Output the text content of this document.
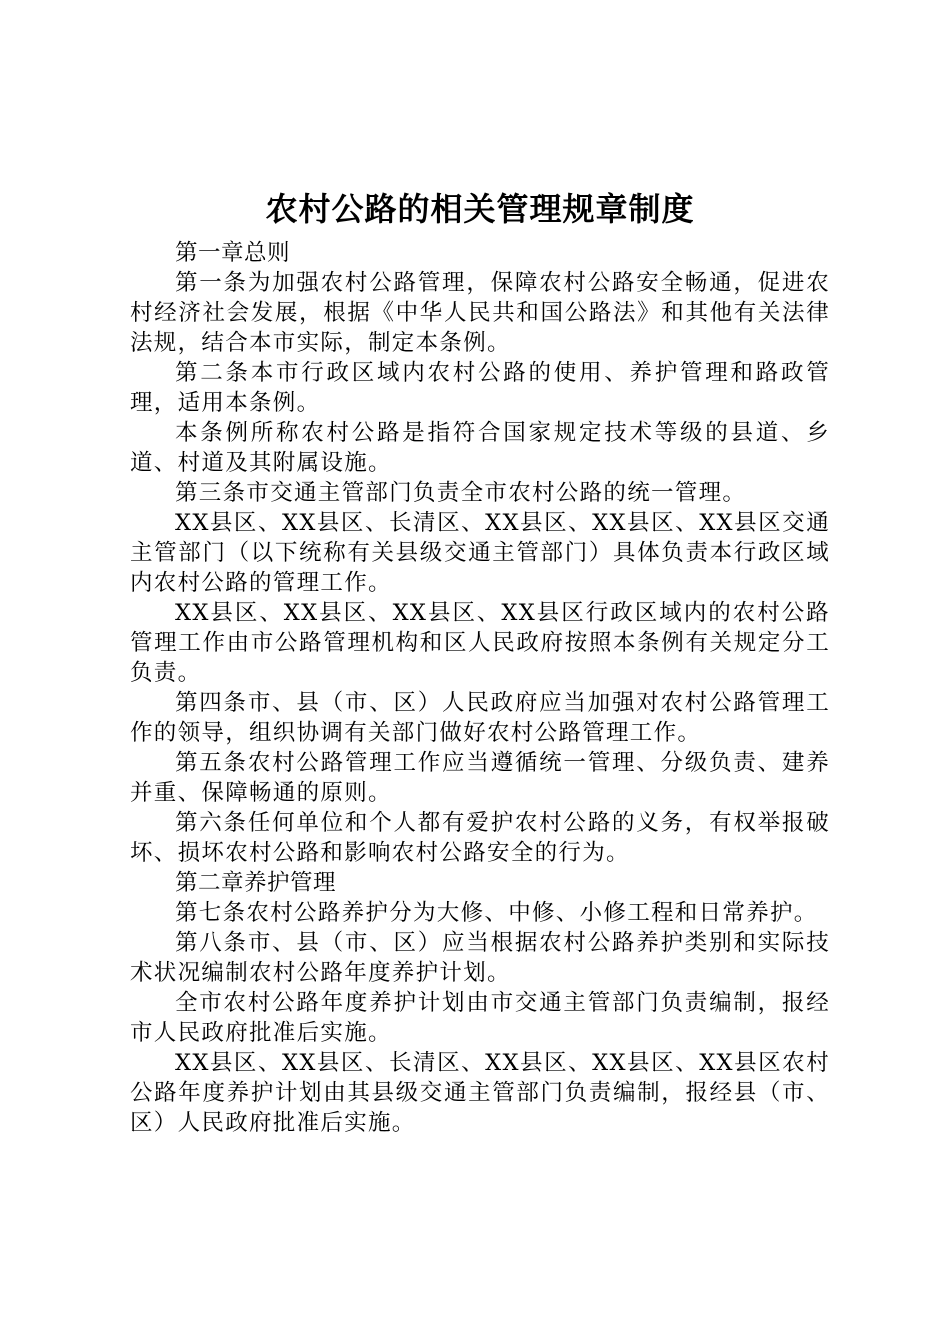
农村公路的相关管理规章制度

第一章总则

第一条为加强农村公路管理，保障农村公路安全畅通，促进农村经济社会发展，根据《中华人民共和国公路法》和其他有关法律法规，结合本市实际，制定本条例。

第二条本市行政区域内农村公路的使用、养护管理和路政管理，适用本条例。

本条例所称农村公路是指符合国家规定技术等级的县道、乡道、村道及其附属设施。

第三条市交通主管部门负责全市农村公路的统一管理。

XX县区、XX县区、长清区、XX县区、XX县区、XX县区交通主管部门（以下统称有关县级交通主管部门）具体负责本行政区域内农村公路的管理工作。

XX县区、XX县区、XX县区、XX县区行政区域内的农村公路管理工作由市公路管理机构和区人民政府按照本条例有关规定分工负责。

第四条市、县（市、区）人民政府应当加强对农村公路管理工作的领导，组织协调有关部门做好农村公路管理工作。

第五条农村公路管理工作应当遵循统一管理、分级负责、建养并重、保障畅通的原则。

第六条任何单位和个人都有爱护农村公路的义务，有权举报破坏、损坏农村公路和影响农村公路安全的行为。

第二章养护管理

第七条农村公路养护分为大修、中修、小修工程和日常养护。

第八条市、县（市、区）应当根据农村公路养护类别和实际技术状况编制农村公路年度养护计划。

全市农村公路年度养护计划由市交通主管部门负责编制，报经市人民政府批准后实施。

XX县区、XX县区、长清区、XX县区、XX县区、XX县区农村公路年度养护计划由其县级交通主管部门负责编制，报经县（市、区）人民政府批准后实施。
